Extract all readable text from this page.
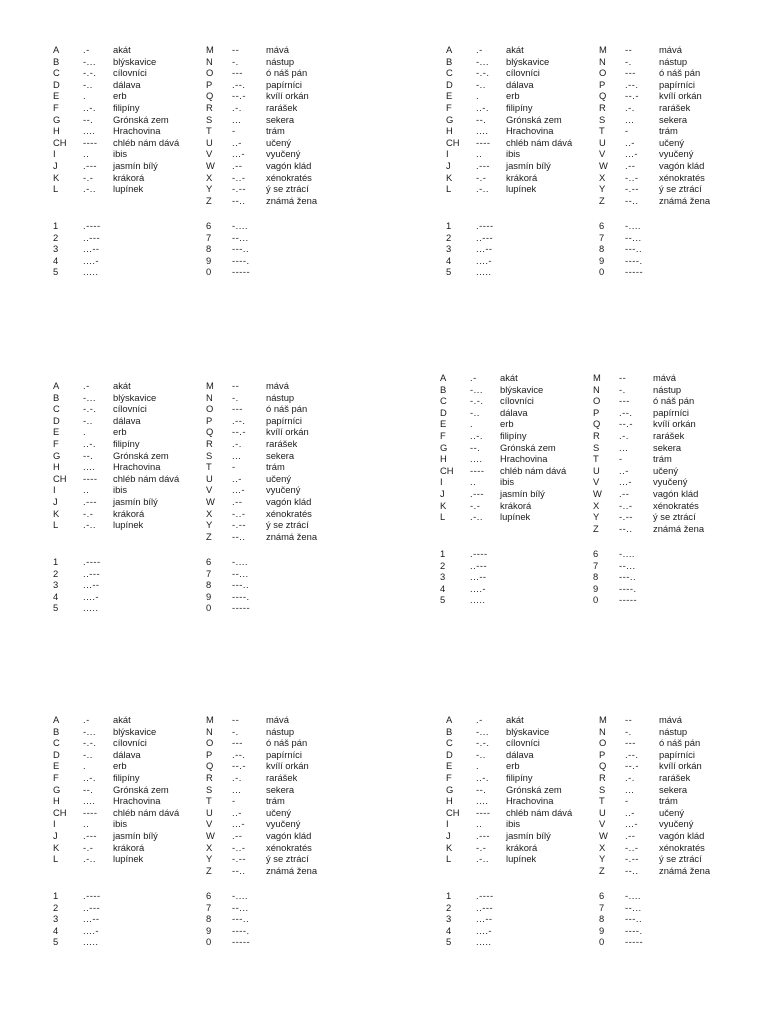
A	.- akát	M --	mává
B	-... blýskavice	N -.	nástup
C -.-. cílovníci	O --- ó náš pán
D -.. dálava	P .--. papírníci
E	.	erb	Q --.- kvílí orkán
F	..-. filipíny	R .-.	rarášek
G --. Grónská zem	S ...	sekera
H .... Hrachovina	T -	trám
CH ---- chléb nám dává	U ..-	učený
I	..	ibis	V ...- vyučený
J	.--- jasmín bílý	W .--	vagón klád
K	-.- krákorá	X -..- xénokratés
L	.-.. lupínek	Y -.-- ý se ztrácí
Z --.. známá žena
1	.----	6 -....
2	..---	7 --...
3	...--	8 ---..
4	....-	9 ----.
5	.....	0 -----
A	.- akát	M --	mává
B	-... blýskavice	N -.	nástup
C -.-. cílovníci	O --- ó náš pán
D -.. dálava	P .--. papírníci
E	.	erb	Q --.- kvílí orkán
F	..-. filipíny	R .-.	rarášek
G --. Grónská zem	S ...	sekera
H .... Hrachovina	T -	trám
CH ---- chléb nám dává	U ..-	učený
I	..	ibis	V ...- vyučený
J	.--- jasmín bílý	W .--	vagón klád
K	-.- krákorá	X -..- xénokratés
L	.-.. lupínek	Y -.-- ý se ztrácí
Z --.. známá žena
1	.----	6 -....
2	..---	7 --...
3	...--	8 ---..
4	....-	9 ----.
5	.....	0 -----
A	.- akát	M --	mává
B	-... blýskavice	N -.	nástup
C -.-. cílovníci	O --- ó náš pán
D -.. dálava	P .--. papírníci
E	.	erb	Q --.- kvílí orkán
F	..-. filipíny	R .-.	rarášek
G --. Grónská zem	S ...	sekera
H .... Hrachovina	T -	trám
CH ---- chléb nám dává	U ..-	učený
I	..	ibis	V ...- vyučený
J	.--- jasmín bílý	W .--	vagón klád
K	-.- krákorá	X -..- xénokratés
L	.-.. lupínek	Y -.-- ý se ztrácí
Z --.. známá žena
1	.----	6 -....
2	..---	7 --...
3	...--	8 ---..
4	....-	9 ----.
5	.....	0 -----
A	.- akát	M --	mává
B	-... blýskavice	N -.	nástup
C -.-. cílovníci	O --- ó náš pán
D -.. dálava	P .--. papírníci
E	.	erb	Q --.- kvílí orkán
F	..-. filipíny	R .-.	rarášek
G --. Grónská zem	S ...	sekera
H .... Hrachovina	T -	trám
CH ---- chléb nám dává	U ..-	učený
I	..	ibis	V ...- vyučený
J	.--- jasmín bílý	W .--	vagón klád
K	-.- krákorá	X -..- xénokratés
L	.-.. lupínek	Y -.-- ý se ztrácí
Z --.. známá žena
1	.----	6 -....
2	..---	7 --...
3	...--	8 ---..
4	....-	9 ----.
5	.....	0 -----
A	.- akát	M --	mává
B	-... blýskavice	N -.	nástup
C -.-. cílovníci	O --- ó náš pán
D -.. dálava	P .--. papírníci
E	.	erb	Q --.- kvílí orkán
F	..-. filipíny	R .-.	rarášek
G --. Grónská zem	S ...	sekera
H .... Hrachovina	T -	trám
CH ---- chléb nám dává	U ..-	učený
I	..	ibis	V ...- vyučený
J	.--- jasmín bílý	W .--	vagón klád
K	-.- krákorá	X -..- xénokratés
L	.-.. lupínek	Y -.-- ý se ztrácí
Z --.. známá žena
1	.----	6 -....
2	..---	7 --...
3	...--	8 ---..
4	....-	9 ----.
5	.....	0 -----
A	.- akát	M --	mává
B	-... blýskavice	N -.	nástup
C -.-. cílovníci	O --- ó náš pán
D -.. dálava	P .--. papírníci
E	.	erb	Q --.- kvílí orkán
F	..-. filipíny	R .-.	rarášek
G --. Grónská zem	S ...	sekera
H .... Hrachovina	T -	trám
CH ---- chléb nám dává	U ..-	učený
I	..	ibis	V ...- vyučený
J	.--- jasmín bílý	W .--	vagón klád
K	-.- krákorá	X -..- xénokratés
L	.-.. lupínek	Y -.-- ý se ztrácí
Z --.. známá žena
1	.----	6 -....
2	..---	7 --...
3	...--	8 ---..
4	....-	9 ----.
5	.....	0 -----
